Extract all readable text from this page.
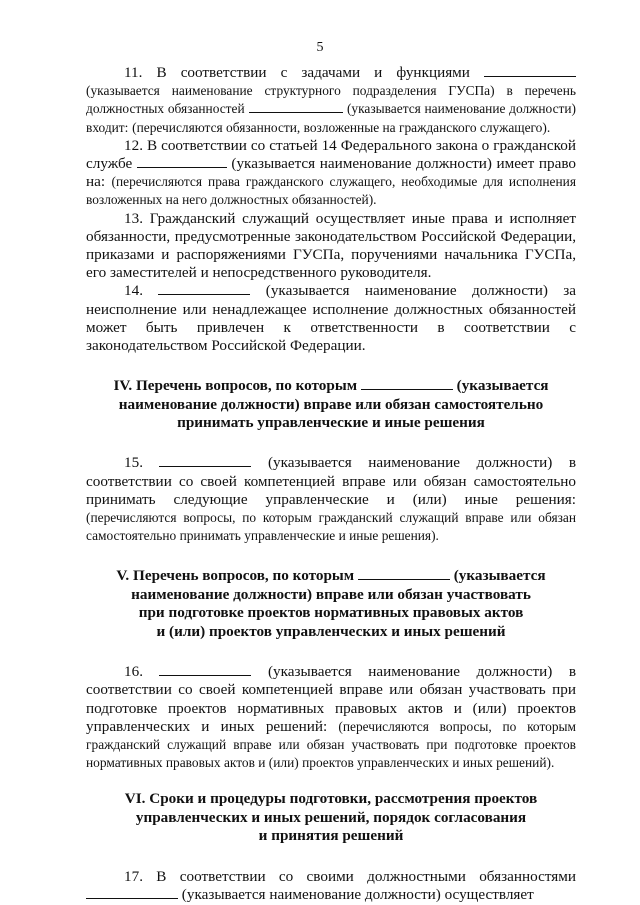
5

11. В соответствии с задачами и функциями  (указывается наименование структурного подразделения ГУСПа) в перечень должностных обязанностей	(указывается наименование должности) входит: (перечисляются обязанности, возложенные на гражданского служащего).

12. В соответствии со статьей 14 Федерального закона о гражданской службе	(указывается наименование должности) имеет право на: (перечисляются права гражданского служащего, необходимые для исполнения возложенных на него должностных обязанностей).

13. Гражданский служащий осуществляет иные права и исполняет обязанности, предусмотренные законодательством Российской Федерации, приказами и распоряжениями ГУСПа, поручениями начальника ГУСПа, его заместителей и непосредственного руководителя.

14.	(указывается наименование должности) за неисполнение или ненадлежащее исполнение должностных обязанностей может быть привлечен к ответственности в соответствии с законодательством Российской Федерации.

IV. Перечень вопросов, по которым	(указывается

наименование должности) вправе или обязан самостоятельно

принимать управленческие и иные решения

15.	(указывается наименование должности) в соответствии со своей компетенцией вправе или обязан самостоятельно принимать следующие управленческие и (или) иные решения: (перечисляются вопросы, по которым гражданский служащий вправе или обязан самостоятельно принимать управленческие и иные решения).

V. Перечень вопросов, по которым	(указывается

наименование должности) вправе или обязан участвовать

при подготовке проектов нормативных правовых актов

и (или) проектов управленческих и иных решений

16.	(указывается наименование должности) в соответствии со своей компетенцией вправе или обязан участвовать при подготовке проектов нормативных правовых актов и (или) проектов управленческих и иных решений: (перечисляются вопросы, по которым гражданский служащий вправе или обязан участвовать при подготовке проектов нормативных правовых актов и (или) проектов управленческих и иных решений).

VI. Сроки и процедуры подготовки, рассмотрения проектов

управленческих и иных решений, порядок согласования

и принятия решений

17. В соответствии со своими должностными обязанностями  (указывается наименование должности) осуществляет
